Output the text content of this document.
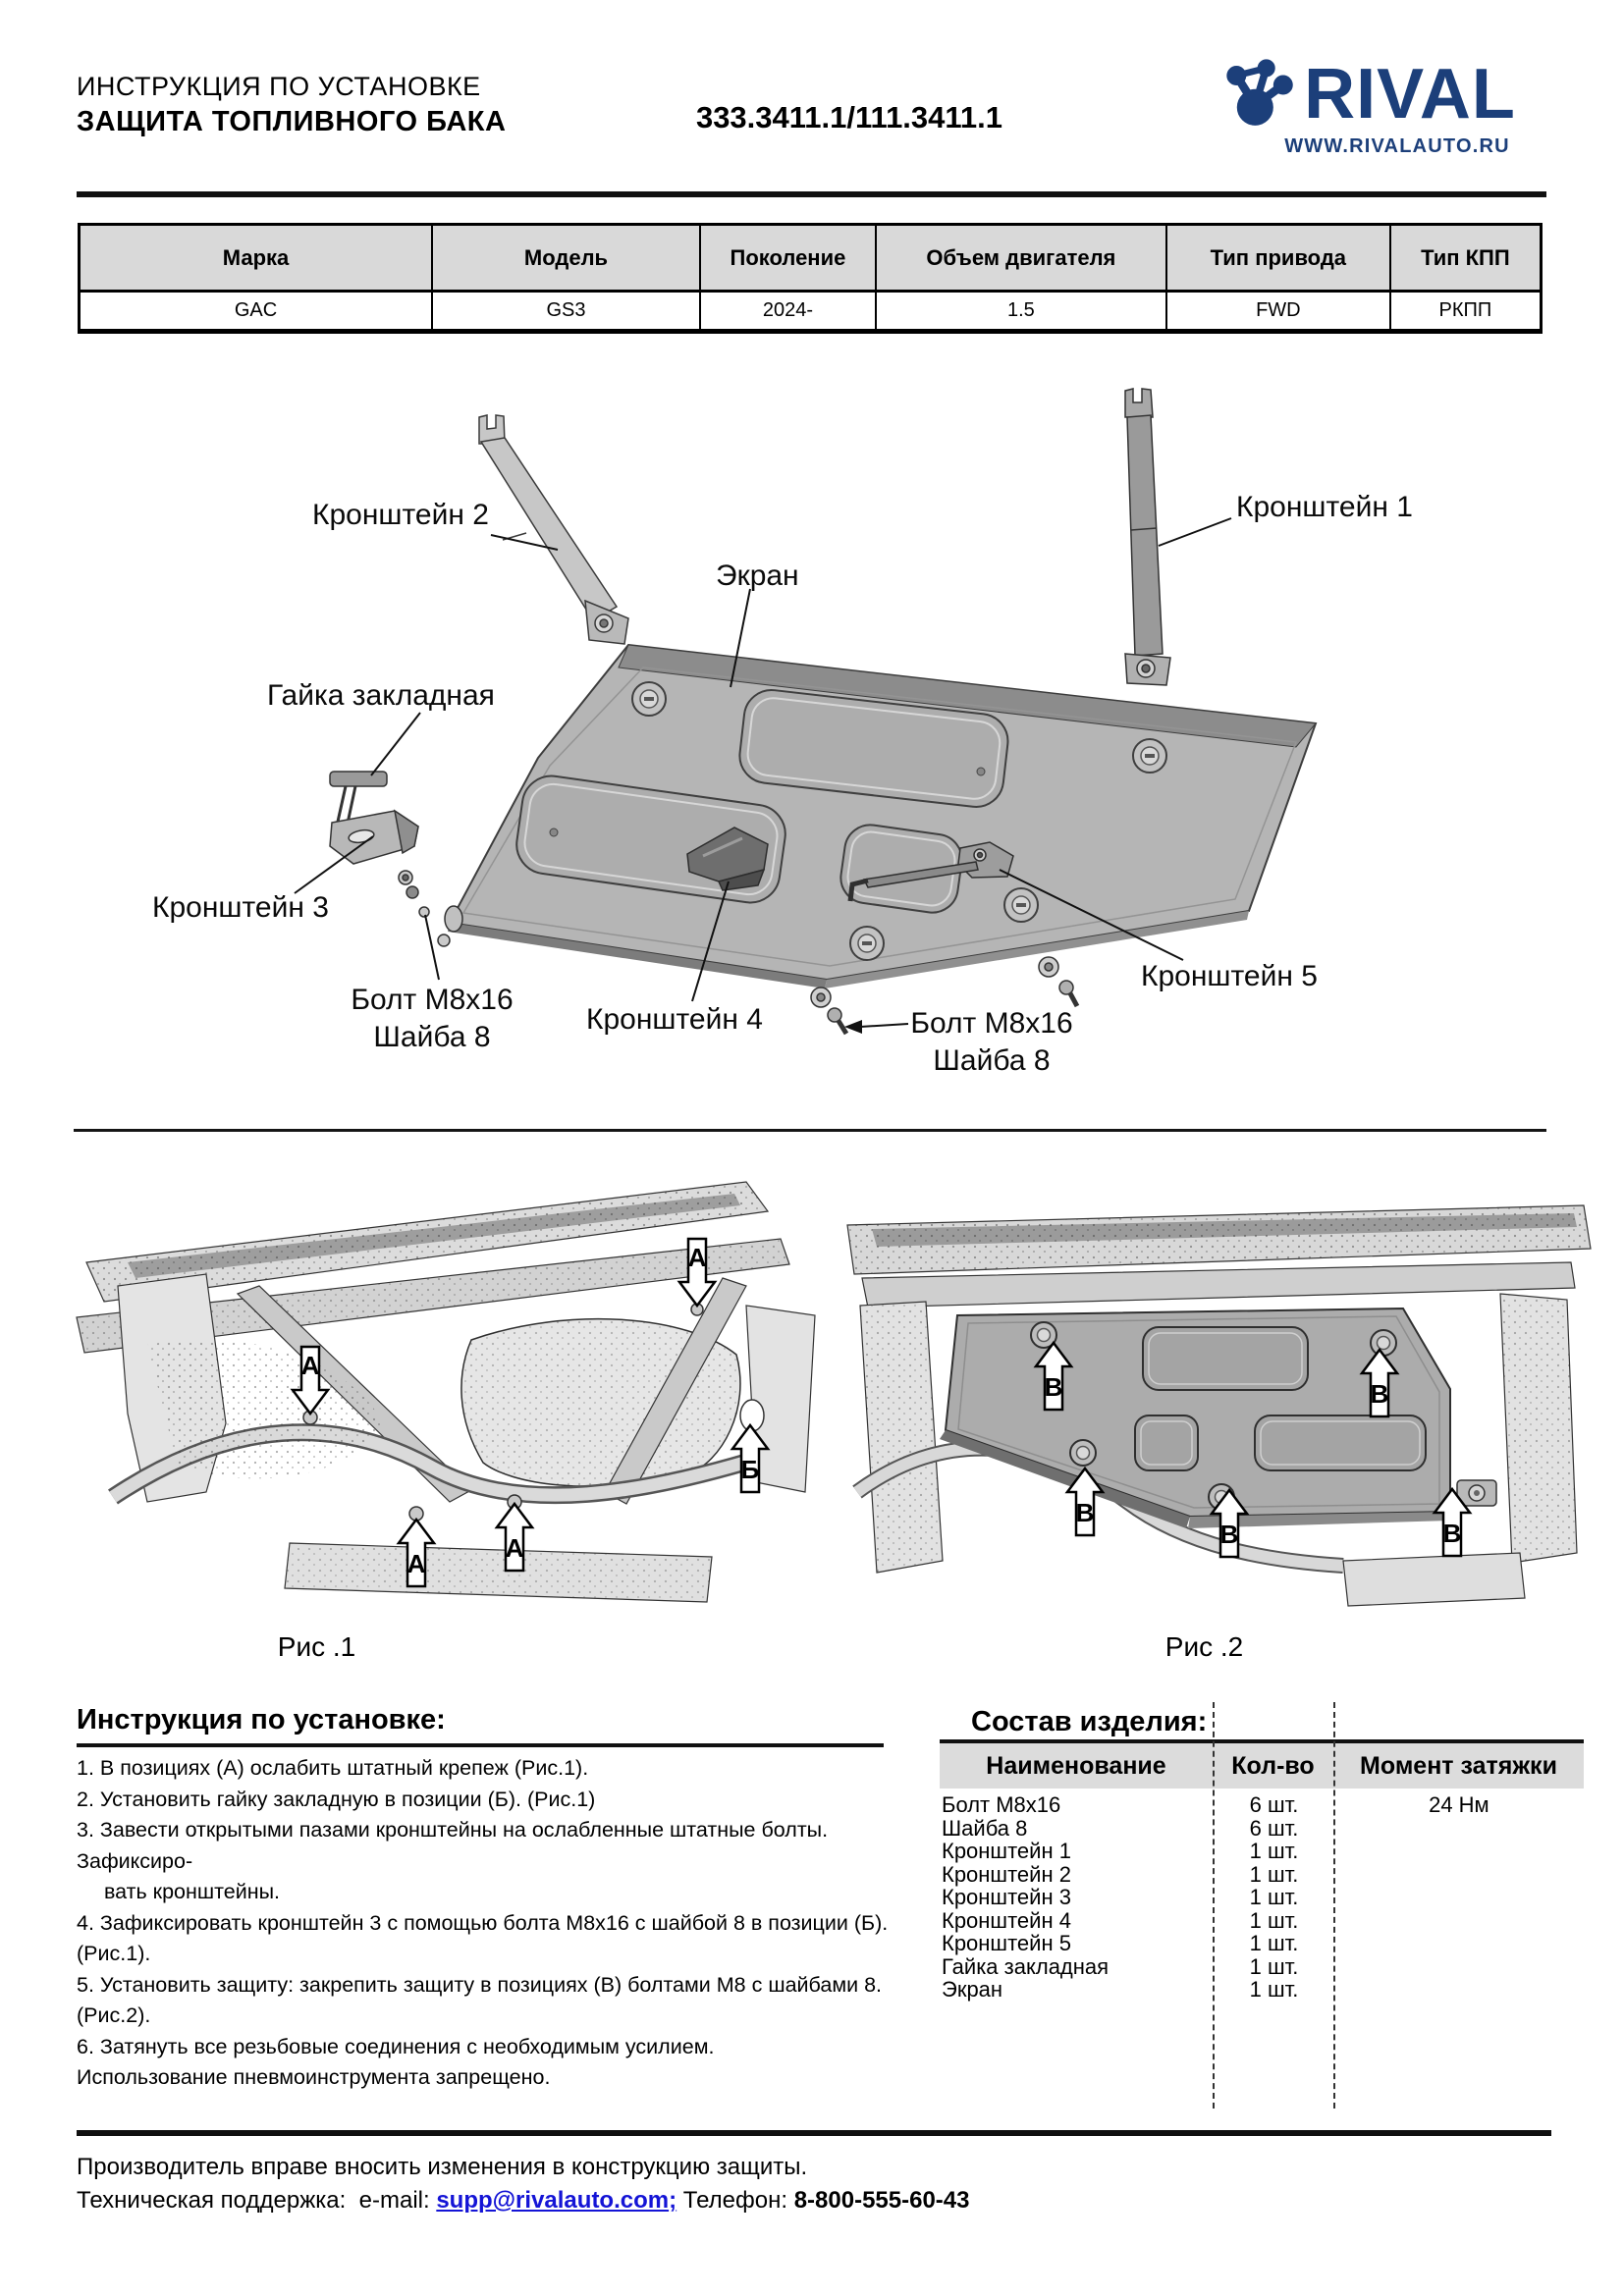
ИНСТРУКЦИЯ ПО УСТАНОВКЕ
ЗАЩИТА ТОПЛИВНОГО БАКА	333.3411.1/111.3411.1	RIVAL
WWW.RIVALAUTO.RU
Марка	Модель	Поколение	Объем двигателя	Тип привода	Тип КПП
GAC	GS3	2024-	1.5	FWD	РКПП
Кронштейн 2	Кронштейн 1
Экран
Гайка закладная
Кронштейн 3
Болт М8х16
Шайба 8
Кронштейн 4	Болт М8х16
Шайба 8
Кронштейн 5
А
А
Б
А
А
Рис .1
В	В
В
В	В
Рис .2
Инструкция по установке:
1. В позициях (А) ослабить штатный крепеж (Рис.1).
2. Установить гайку закладную в позиции (Б). (Рис.1)
3. Завести открытыми пазами кронштейны на ослабленные штатные болты. Зафиксиро-
вать кронштейны.
4. Зафиксировать кронштейн 3 с помощью болта М8х16 с шайбой 8 в позиции (Б). (Рис.1).
5. Установить защиту: закрепить защиту в позициях (В) болтами М8 с шайбами 8. (Рис.2).
6. Затянуть все резьбовые соединения с необходимым усилием.
Использование пневмоинструмента запрещено.
Состав изделия:
Наименование	Кол-во	Момент затяжки
Болт М8х16	6 шт.	24 Нм
Шайба 8	6 шт.
Кронштейн 1	1 шт.
Кронштейн 2	1 шт.
Кронштейн 3	1 шт.
Кронштейн 4	1 шт.
Кронштейн 5	1 шт.
Гайка закладная	1 шт.
Экран	1 шт.
Производитель вправе вносить изменения в конструкцию защиты.
Техническая поддержка:  e-mail: supp@rivalauto.com; Телефон: 8-800-555-60-43
